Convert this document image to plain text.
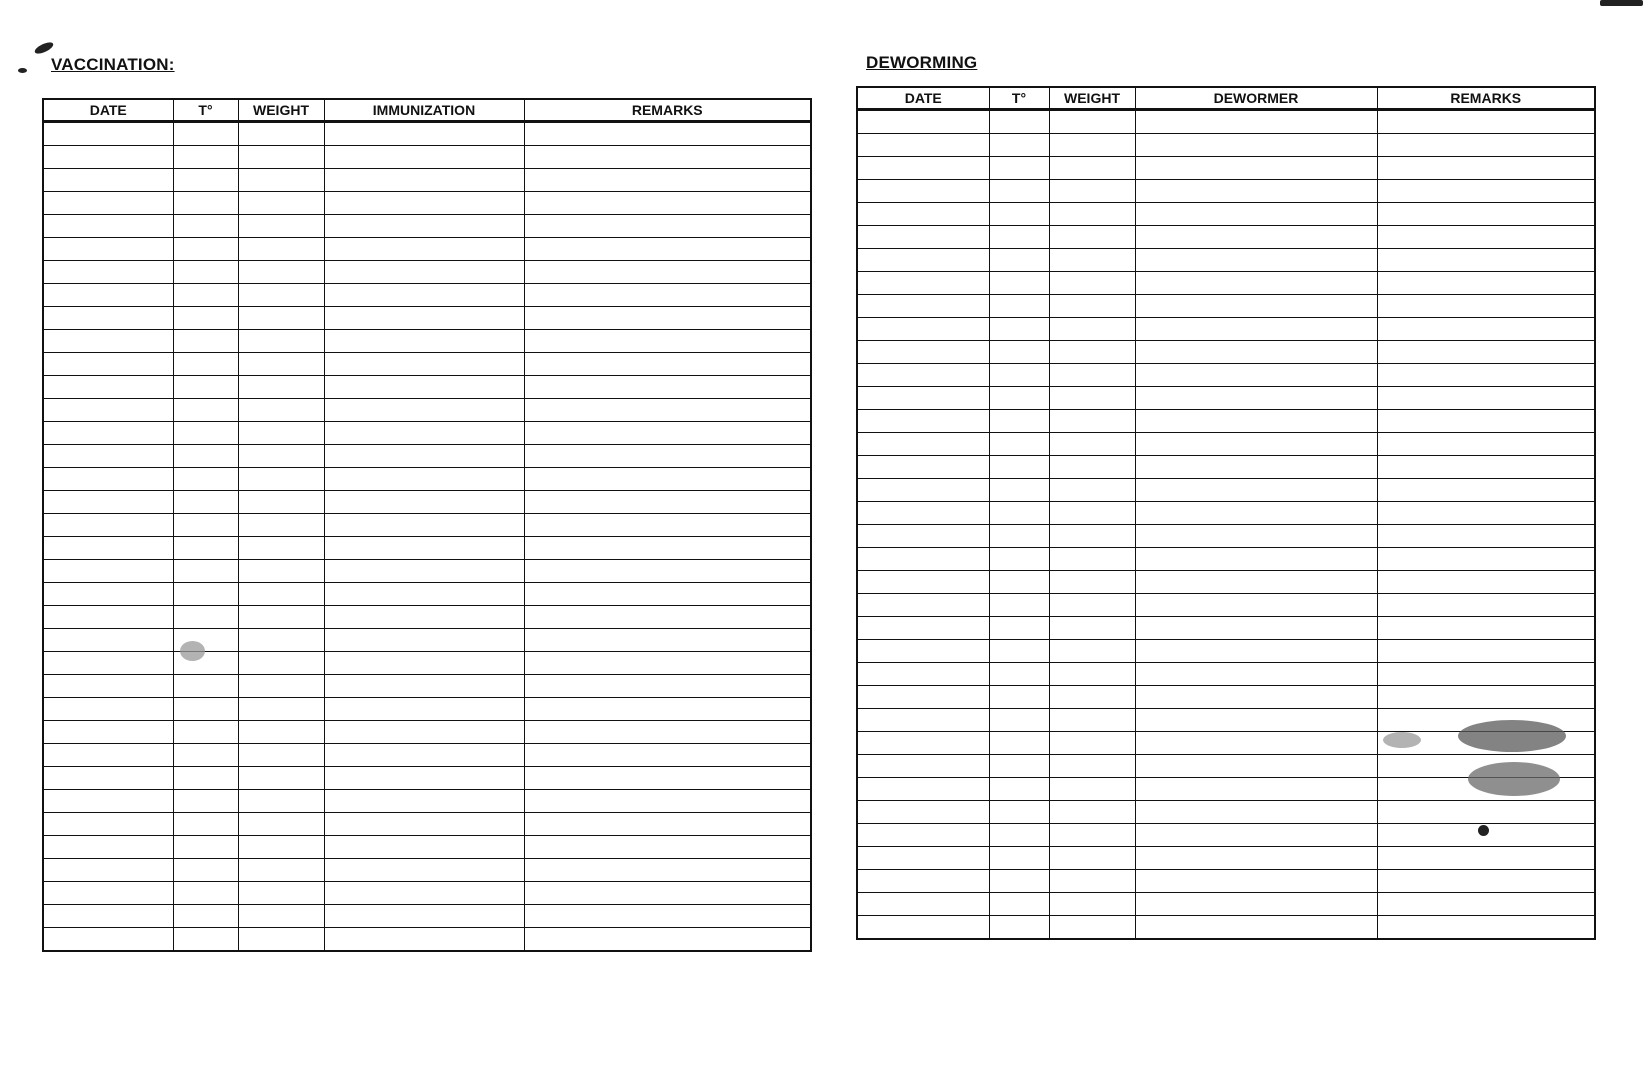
VACCINATION:
DATE	T°	WEIGHT	IMMUNIZATION	REMARKS

DEWORMING
DATE	T°	WEIGHT	DEWORMER	REMARKS
